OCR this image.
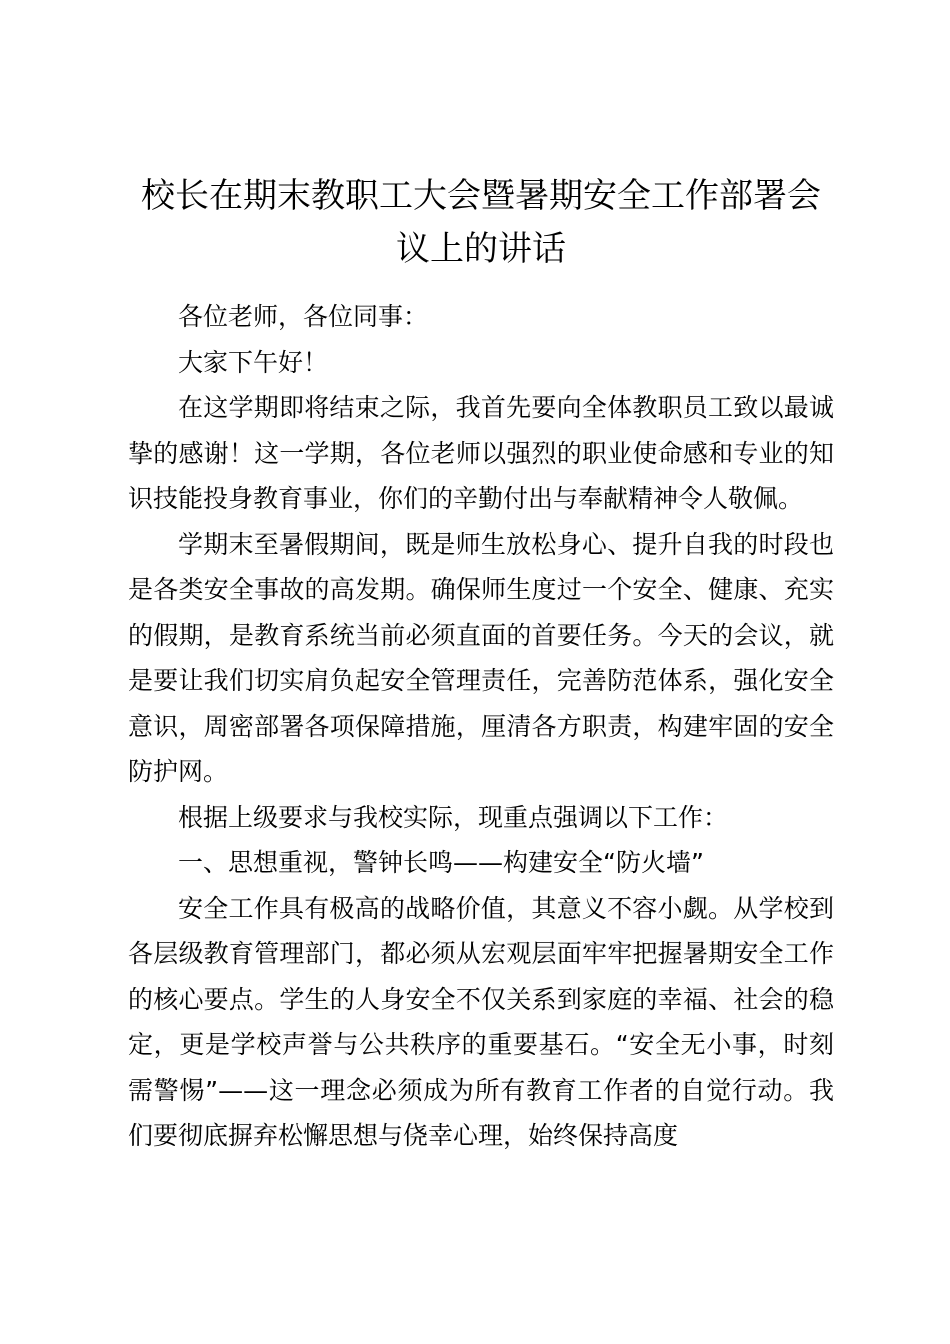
校长在期末教职工大会暨暑期安全工作部署会议上的讲话

各位老师，各位同事：

大家下午好！

在这学期即将结束之际，我首先要向全体教职员工致以最诚挚的感谢！这一学期，各位老师以强烈的职业使命感和专业的知识技能投身教育事业，你们的辛勤付出与奉献精神令人敬佩。

学期末至暑假期间，既是师生放松身心、提升自我的时段也是各类安全事故的高发期。确保师生度过一个安全、健康、充实的假期，是教育系统当前必须直面的首要任务。今天的会议，就是要让我们切实肩负起安全管理责任，完善防范体系，强化安全意识，周密部署各项保障措施，厘清各方职责，构建牢固的安全防护网。

根据上级要求与我校实际，现重点强调以下工作：

一、思想重视，警钟长鸣——构建安全“防火墙”

安全工作具有极高的战略价值，其意义不容小觑。从学校到各层级教育管理部门，都必须从宏观层面牢牢把握暑期安全工作的核心要点。学生的人身安全不仅关系到家庭的幸福、社会的稳定，更是学校声誉与公共秩序的重要基石。“安全无小事，时刻需警惕”——这一理念必须成为所有教育工作者的自觉行动。我们要彻底摒弃松懈思想与侥幸心理，始终保持高度
